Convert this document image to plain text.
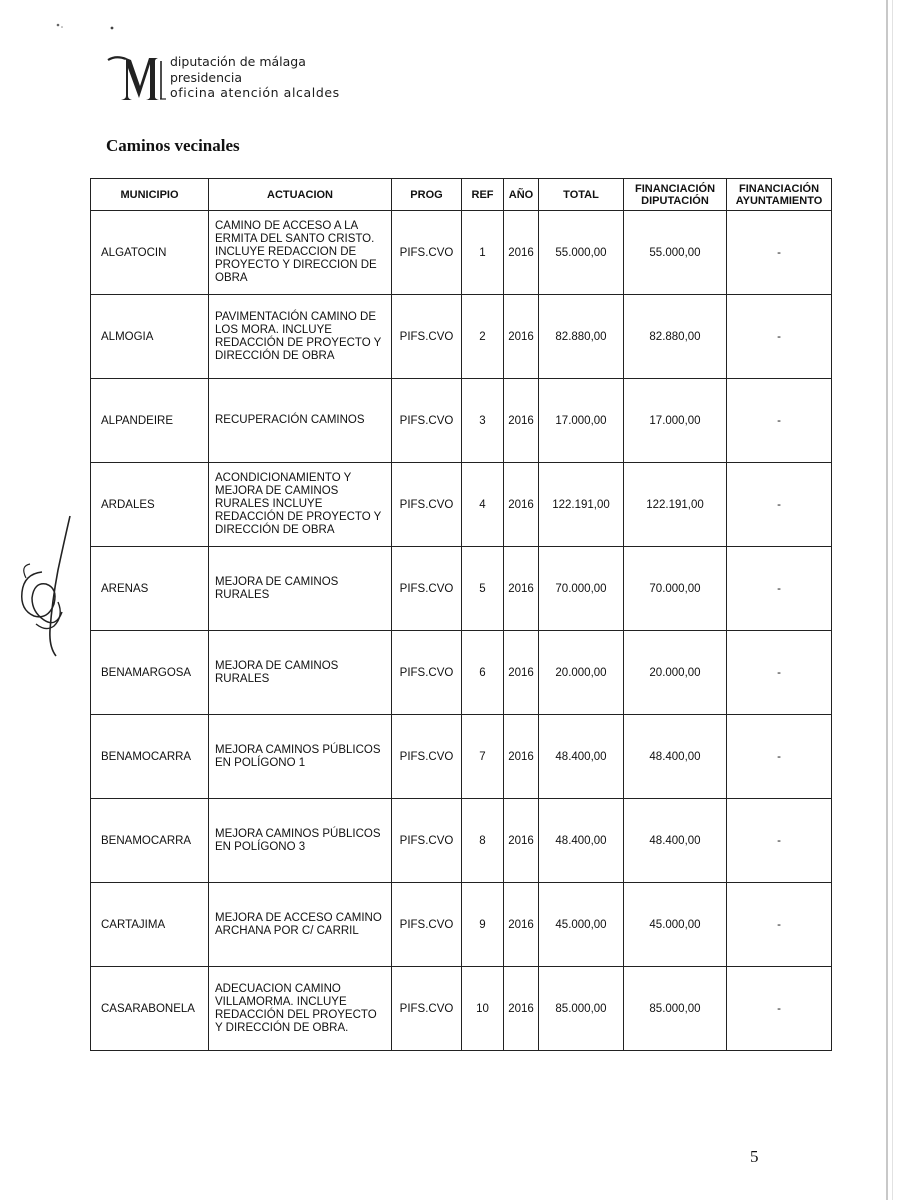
diputación de málaga
presidencia
oficina atención alcaldes
Caminos vecinales
MUNICIPIO	ACTUACION	PROG	REF	AÑO	TOTAL	FINANCIACIÓN DIPUTACIÓN	FINANCIACIÓN AYUNTAMIENTO
ALGATOCIN	CAMINO DE ACCESO A LA ERMITA DEL SANTO CRISTO. INCLUYE REDACCION DE PROYECTO Y DIRECCION DE OBRA	PIFS.CVO	1	2016	55.000,00	55.000,00	-
ALMOGIA	PAVIMENTACIÓN CAMINO DE LOS MORA. INCLUYE REDACCIÓN DE PROYECTO Y DIRECCIÓN DE OBRA	PIFS.CVO	2	2016	82.880,00	82.880,00	-
ALPANDEIRE	RECUPERACIÓN CAMINOS	PIFS.CVO	3	2016	17.000,00	17.000,00	-
ARDALES	ACONDICIONAMIENTO Y MEJORA DE CAMINOS RURALES INCLUYE REDACCIÓN DE PROYECTO Y DIRECCIÓN DE OBRA	PIFS.CVO	4	2016	122.191,00	122.191,00	-
ARENAS	MEJORA DE CAMINOS RURALES	PIFS.CVO	5	2016	70.000,00	70.000,00	-
BENAMARGOSA	MEJORA DE CAMINOS RURALES	PIFS.CVO	6	2016	20.000,00	20.000,00	-
BENAMOCARRA	MEJORA CAMINOS PÚBLICOS EN POLÍGONO 1	PIFS.CVO	7	2016	48.400,00	48.400,00	-
BENAMOCARRA	MEJORA CAMINOS PÚBLICOS EN POLÍGONO 3	PIFS.CVO	8	2016	48.400,00	48.400,00	-
CARTAJIMA	MEJORA DE ACCESO CAMINO ARCHANA POR C/ CARRIL	PIFS.CVO	9	2016	45.000,00	45.000,00	-
CASARABONELA	ADECUACION CAMINO VILLAMORMA. INCLUYE REDACCIÓN DEL PROYECTO Y DIRECCIÓN DE OBRA.	PIFS.CVO	10	2016	85.000,00	85.000,00	-
5
